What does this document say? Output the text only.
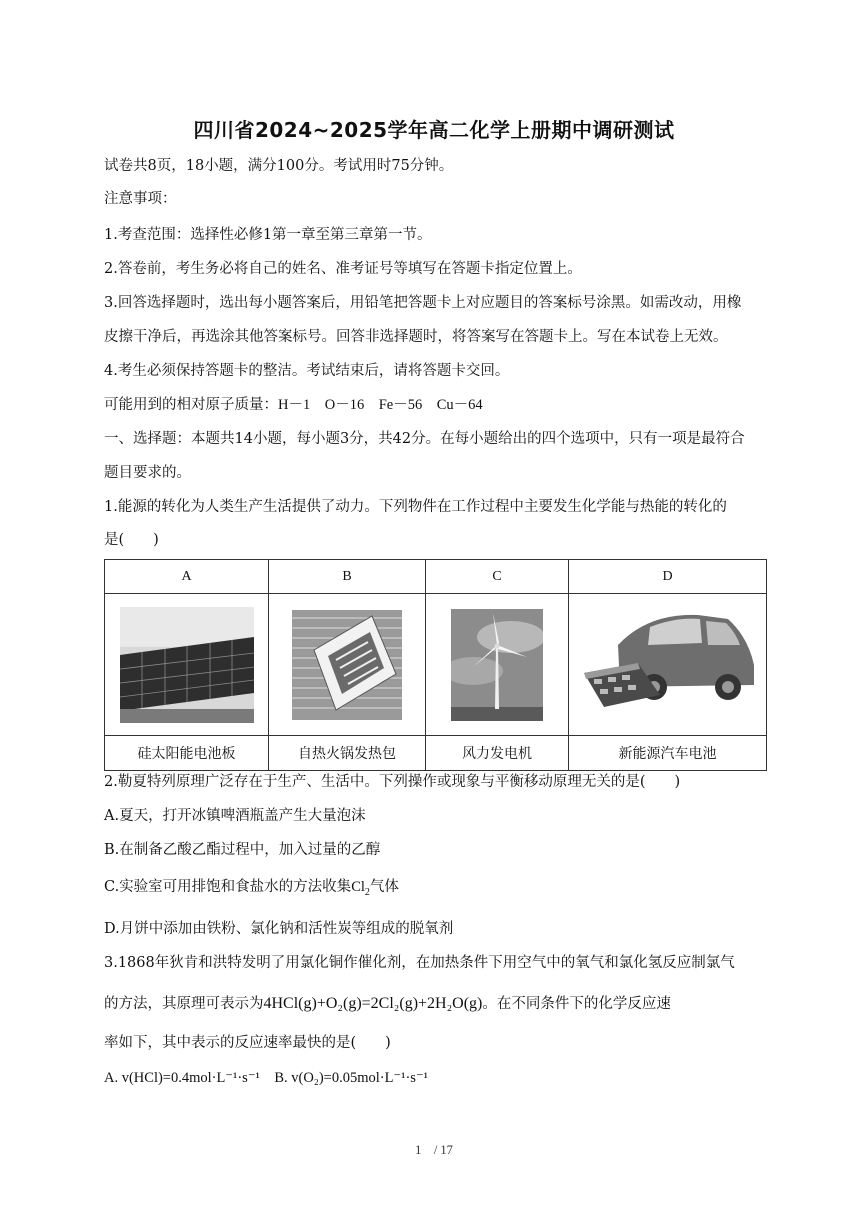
四川省2024~2025学年高二化学上册期中调研测试
试卷共8页，18小题，满分100分。考试用时75分钟。
注意事项：
1.考查范围：选择性必修1第一章至第三章第一节。
2.答卷前，考生务必将自己的姓名、准考证号等填写在答题卡指定位置上。
3.回答选择题时，选出每小题答案后，用铅笔把答题卡上对应题目的答案标号涂黑。如需改动，用橡
皮擦干净后，再选涂其他答案标号。回答非选择题时，将答案写在答题卡上。写在本试卷上无效。
4.考生必须保持答题卡的整洁。考试结束后，请将答题卡交回。
可能用到的相对原子质量：H－1　O－16　Fe－56　Cu－64
一、选择题：本题共14小题，每小题3分，共42分。在每小题给出的四个选项中，只有一项是最符合
题目要求的。
1.能源的转化为人类生产生活提供了动力。下列物件在工作过程中主要发生化学能与热能的转化的
是(　　)
A	B	C	D

硅太阳能电池板	自热火锅发热包	风力发电机	新能源汽车电池
2.勒夏特列原理广泛存在于生产、生活中。下列操作或现象与平衡移动原理无关的是(　　)
A.夏天，打开冰镇啤酒瓶盖产生大量泡沫
B.在制备乙酸乙酯过程中，加入过量的乙醇
C.实验室可用排饱和食盐水的方法收集$Cl_2$气体
D.月饼中添加由铁粉、氯化钠和活性炭等组成的脱氧剂
3.1868年狄肯和洪特发明了用氯化铜作催化剂，在加热条件下用空气中的氧气和氯化氢反应制氯气
的方法，其原理可表示为4HCl(g)+O₂(g)=2Cl₂(g)+2H₂O(g)。在不同条件下的化学反应速
率如下，其中表示的反应速率最快的是(　　)
A. v(HCl)=0.4mol·L⁻¹·s⁻¹ B. v(O₂)=0.05mol·L⁻¹·s⁻¹
1　/ 17
